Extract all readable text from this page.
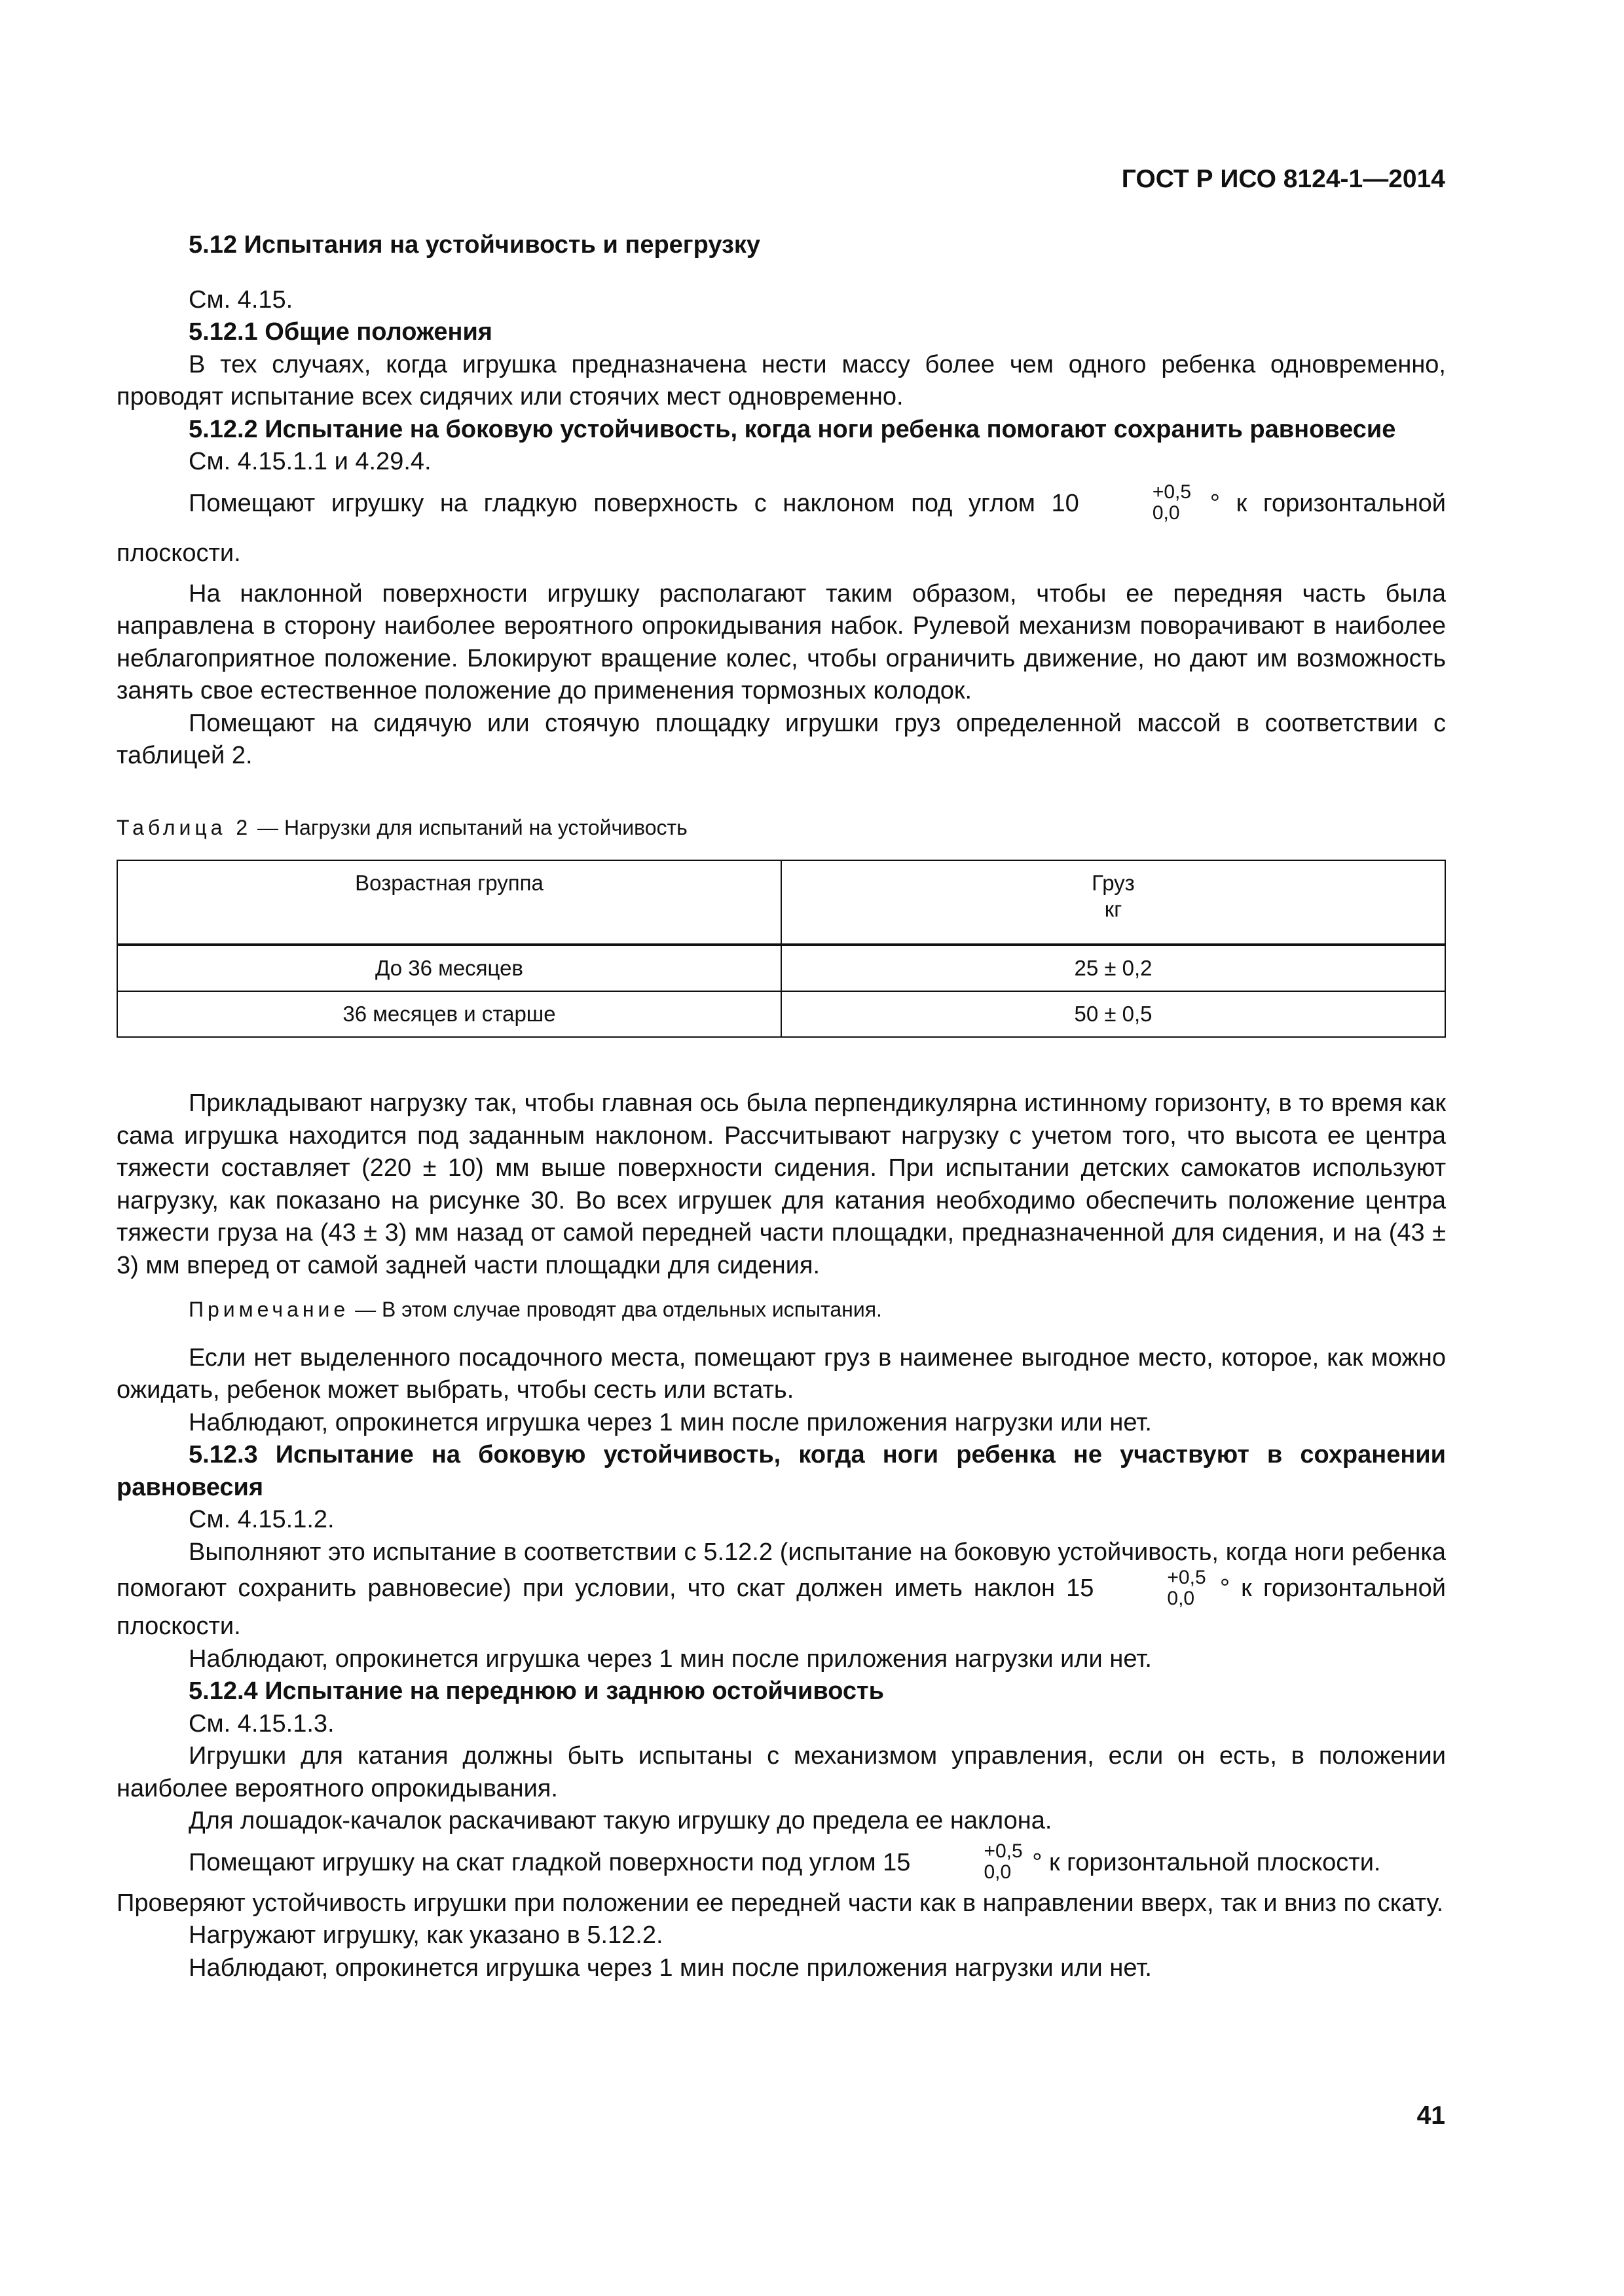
ГОСТ Р ИСО 8124-1—2014

5.12 Испытания на устойчивость и перегрузку

См. 4.15.

5.12.1 Общие положения

В тех случаях, когда игрушка предназначена нести массу более чем одного ребенка одновременно, проводят испытание всех сидячих или стоячих мест одновременно.

5.12.2 Испытание на боковую устойчивость, когда ноги ребенка помогают сохранить равновесие

См. 4.15.1.1 и 4.29.4.

Помещают игрушку на гладкую поверхность с наклоном под углом 10	+0,5
0,0	° к горизонтальной плоскости.

На наклонной поверхности игрушку располагают таким образом, чтобы ее передняя часть была направлена в сторону наиболее вероятного опрокидывания набок. Рулевой механизм поворачивают в наиболее неблагоприятное положение. Блокируют вращение колес, чтобы ограничить движение, но дают им возможность занять свое естественное положение до применения тормозных колодок.

Помещают на сидячую или стоячую площадку игрушки груз определенной массой в соответствии с таблицей 2.

Таблица 2 — Нагрузки для испытаний на устойчивость

Возрастная группа	Груз
кг
До 36 месяцев	25 ± 0,2
36 месяцев и старше	50 ± 0,5

Прикладывают нагрузку так, чтобы главная ось была перпендикулярна истинному горизонту, в то время как сама игрушка находится под заданным наклоном. Рассчитывают нагрузку с учетом того, что высота ее центра тяжести составляет (220 ± 10) мм выше поверхности сидения. При испытании детских самокатов используют нагрузку, как показано на рисунке 30. Во всех игрушек для катания необходимо обеспечить положение центра тяжести груза на (43 ± 3) мм назад от самой передней части площадки, предназначенной для сидения, и на (43 ± 3) мм вперед от самой задней части площадки для сидения.

Примечание — В этом случае проводят два отдельных испытания.

Если нет выделенного посадочного места, помещают груз в наименее выгодное место, которое, как можно ожидать, ребенок может выбрать, чтобы сесть или встать.

Наблюдают, опрокинется игрушка через 1 мин после приложения нагрузки или нет.

5.12.3 Испытание на боковую устойчивость, когда ноги ребенка не участвуют в сохранении равновесия

См. 4.15.1.2.

Выполняют это испытание в соответствии с 5.12.2 (испытание на боковую устойчивость, когда ноги ребенка помогают сохранить равновесие) при условии, что скат должен иметь наклон 15	+0,5
0,0	° к горизонтальной плоскости.

Наблюдают, опрокинется игрушка через 1 мин после приложения нагрузки или нет.

5.12.4 Испытание на переднюю и заднюю остойчивость

См. 4.15.1.3.

Игрушки для катания должны быть испытаны с механизмом управления, если он есть, в положении наиболее вероятного опрокидывания.

Для лошадок-качалок раскачивают такую игрушку до предела ее наклона.

Помещают игрушку на скат гладкой поверхности под углом 15	+0,5
0,0 ° к горизонтальной плоскости.

Проверяют устойчивость игрушки при положении ее передней части как в направлении вверх, так и вниз по скату.

Нагружают игрушку, как указано в 5.12.2.

Наблюдают, опрокинется игрушка через 1 мин после приложения нагрузки или нет.

41
